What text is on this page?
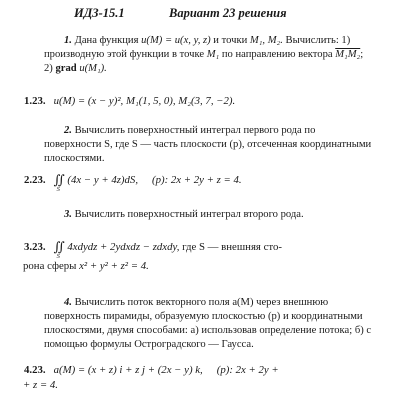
ИДЗ-15.1	Вариант 23 решения
1. Дана функция u(M) = u(x, y, z) и точки M₁, M₂. Вычислить: 1) производную этой функции в точке M₁ по направлению вектора M₁M₂; 2) grad u(M₁).
1.23. u(M) = (x − y)², M₁(1, 5, 0), M₂(3, 7, −2).
2. Вычислить поверхностный интеграл первого рода по поверхности S, где S — часть плоскости (p), отсеченная координатными плоскостями.
2.23. ∬
S
(4x − y + 4z)dS, (p): 2x + 2y + z = 4.
3. Вычислить поверхностный интеграл второго рода.
3.23. ∬
S
4xdydz + 2ydxdz − zdxdy, где S — внешняя сто-
рона сферы x² + y² + z² = 4.
4. Вычислить поток векторного поля a(M) через внешнюю поверхность пирамиды, образуемую плоскостью (p) и координатными плоскостями, двумя способами: а) использовав определение потока; б) с помощью формулы Остроградского — Гаусса.
4.23. a(M) = (x + z) i + z j + (2x − y) k, (p): 2x + 2y +
+ z = 4.
